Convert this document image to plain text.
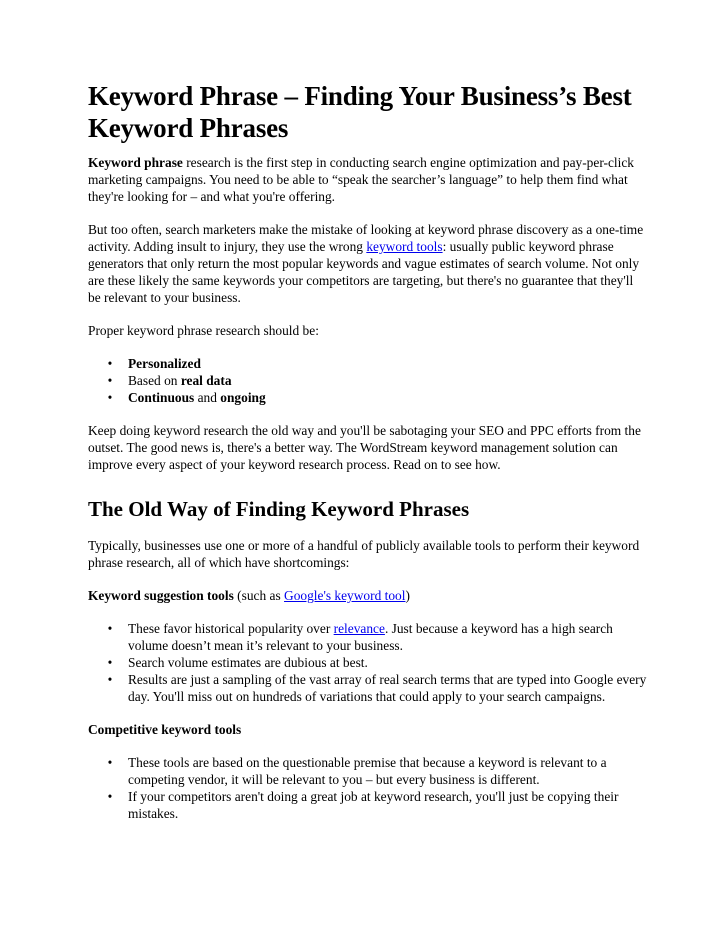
Keyword Phrase – Finding Your Business’s Best Keyword Phrases

Keyword phrase research is the first step in conducting search engine optimization and pay-per-click marketing campaigns. You need to be able to “speak the searcher’s language” to help them find what they're looking for – and what you're offering.

But too often, search marketers make the mistake of looking at keyword phrase discovery as a one-time activity. Adding insult to injury, they use the wrong keyword tools: usually public keyword phrase generators that only return the most popular keywords and vague estimates of search volume. Not only are these likely the same keywords your competitors are targeting, but there's no guarantee that they'll be relevant to your business.

Proper keyword phrase research should be:

• Personalized
• Based on real data
• Continuous and ongoing

Keep doing keyword research the old way and you'll be sabotaging your SEO and PPC efforts from the outset. The good news is, there's a better way. The WordStream keyword management solution can improve every aspect of your keyword research process. Read on to see how.

The Old Way of Finding Keyword Phrases

Typically, businesses use one or more of a handful of publicly available tools to perform their keyword phrase research, all of which have shortcomings:

Keyword suggestion tools (such as Google's keyword tool)

• These favor historical popularity over relevance. Just because a keyword has a high search volume doesn’t mean it’s relevant to your business.
• Search volume estimates are dubious at best.
• Results are just a sampling of the vast array of real search terms that are typed into Google every day. You'll miss out on hundreds of variations that could apply to your search campaigns.

Competitive keyword tools

• These tools are based on the questionable premise that because a keyword is relevant to a competing vendor, it will be relevant to you – but every business is different.
• If your competitors aren't doing a great job at keyword research, you'll just be copying their mistakes.
